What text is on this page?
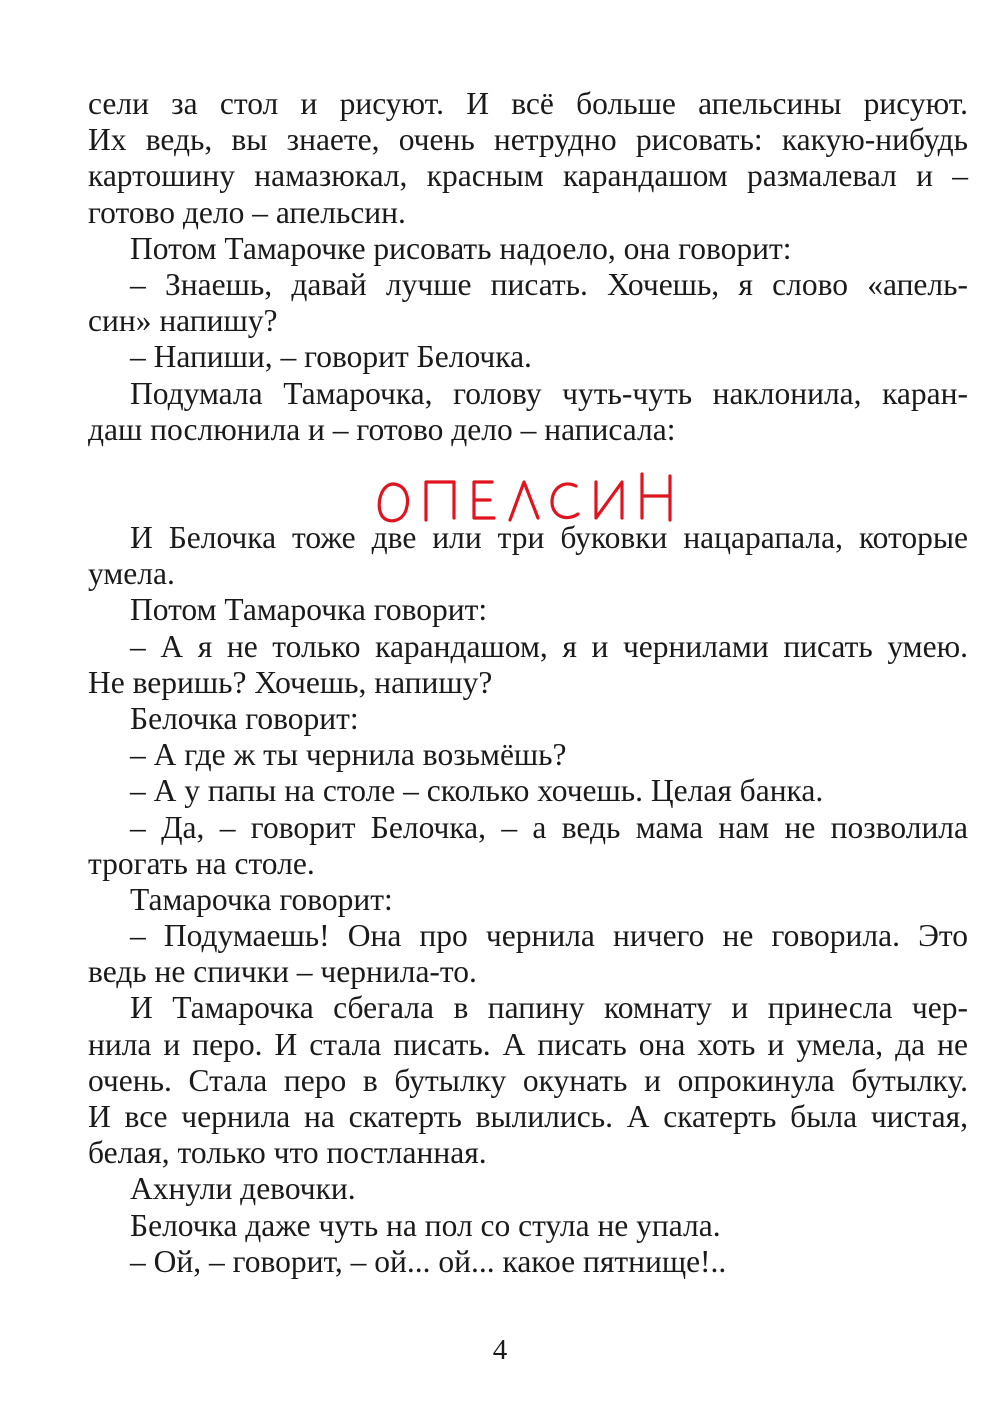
сели за стол и рисуют. И всё больше апельсины рисуют.
Их ведь, вы знаете, очень нетрудно рисовать: какую-нибудь
картошину намазюкал, красным карандашом размалевал и –
готово дело – апельсин.
Потом Тамарочке рисовать надоело, она говорит:
– Знаешь, давай лучше писать. Хочешь, я слово «апель-
син» напишу?
– Напиши, – говорит Белочка.
Подумала Тамарочка, голову чуть-чуть наклонила, каран-
даш послюнила и – готово дело – написала:
И Белочка тоже две или три буковки нацарапала, которые
умела.
Потом Тамарочка говорит:
– А я не только карандашом, я и чернилами писать умею.
Не веришь? Хочешь, напишу?
Белочка говорит:
– А где ж ты чернила возьмёшь?
– А у папы на столе – сколько хочешь. Целая банка.
– Да, – говорит Белочка, – а ведь мама нам не позволила
трогать на столе.
Тамарочка говорит:
– Подумаешь! Она про чернила ничего не говорила. Это
ведь не спички – чернила-то.
И Тамарочка сбегала в папину комнату и принесла чер-
нила и перо. И стала писать. А писать она хоть и умела, да не
очень. Стала перо в бутылку окунать и опрокинула бутылку.
И все чернила на скатерть вылились. А скатерть была чистая,
белая, только что постланная.
Ахнули девочки.
Белочка даже чуть на пол со стула не упала.
– Ой, – говорит, – ой... ой... какое пятнище!..
4
